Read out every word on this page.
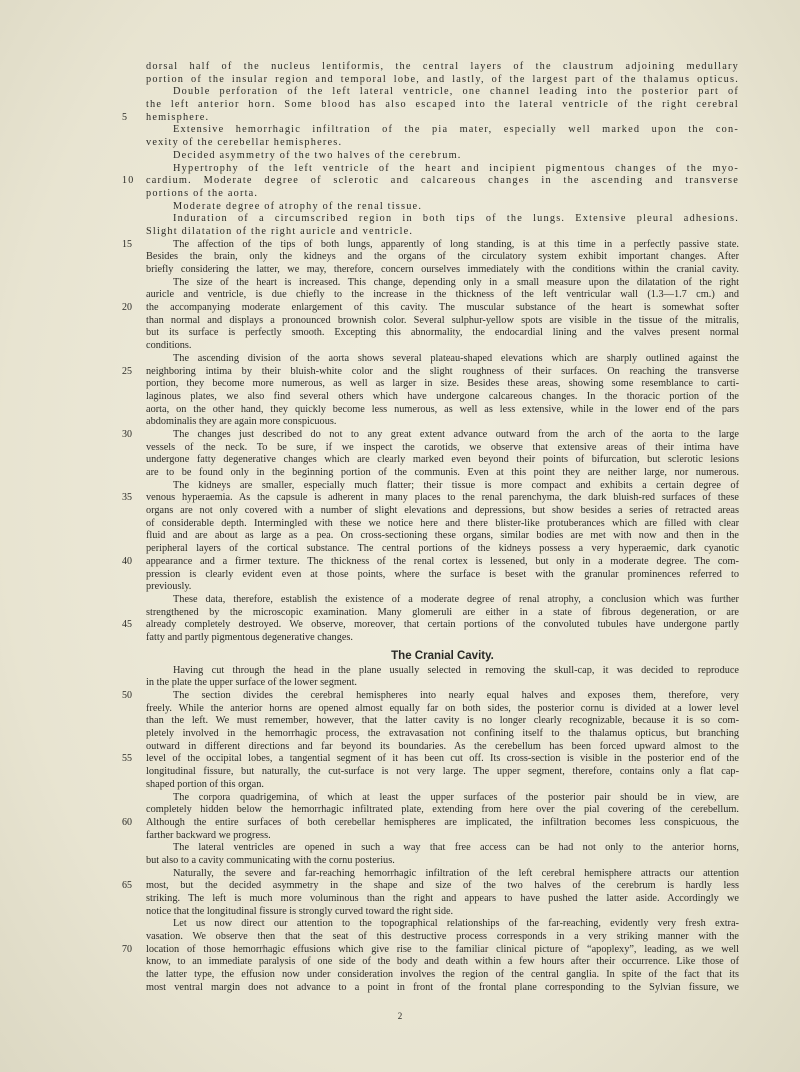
dorsal half of the nucleus lentiformis, the central layers of the claustrum adjoining medullary
portion of the insular region and temporal lobe, and lastly, of the largest part of the thalamus opticus.
Double perforation of the left lateral ventricle, one channel leading into the posterior part of
the left anterior horn. Some blood has also escaped into the lateral ventricle of the right cerebral
5	hemisphere.
Extensive hemorrhagic infiltration of the pia mater, especially well marked upon the con-
vexity of the cerebellar hemispheres.
Decided asymmetry of the two halves of the cerebrum.
Hypertrophy of the left ventricle of the heart and incipient pigmentous changes of the myo-
10	cardium. Moderate degree of sclerotic and calcareous changes in the ascending and transverse
portions of the aorta.
Moderate degree of atrophy of the renal tissue.
Induration of a circumscribed region in both tips of the lungs. Extensive pleural adhesions.
Slight dilatation of the right auricle and ventricle.
15	The affection of the tips of both lungs, apparently of long standing, is at this time in a perfectly passive state.
Besides the brain, only the kidneys and the organs of the circulatory system exhibit important changes. After
briefly considering the latter, we may, therefore, concern ourselves immediately with the conditions within the cranial cavity.
The size of the heart is increased. This change, depending only in a small measure upon the dilatation of the right
auricle and ventricle, is due chiefly to the increase in the thickness of the left ventricular wall (1.3—1.7 cm.) and
20	the accompanying moderate enlargement of this cavity. The muscular substance of the heart is somewhat softer
than normal and displays a pronounced brownish color. Several sulphur-yellow spots are visible in the tissue of the mitralis,
but its surface is perfectly smooth. Excepting this abnormality, the endocardial lining and the valves present normal
conditions.
The ascending division of the aorta shows several plateau-shaped elevations which are sharply outlined against the
25	neighboring intima by their bluish-white color and the slight roughness of their surfaces. On reaching the transverse
portion, they become more numerous, as well as larger in size. Besides these areas, showing some resemblance to carti-
laginous plates, we also find several others which have undergone calcareous changes. In the thoracic portion of the
aorta, on the other hand, they quickly become less numerous, as well as less extensive, while in the lower end of the pars
abdominalis they are again more conspicuous.
30	The changes just described do not to any great extent advance outward from the arch of the aorta to the large
vessels of the neck. To be sure, if we inspect the carotids, we observe that extensive areas of their intima have
undergone fatty degenerative changes which are clearly marked even beyond their points of bifurcation, but sclerotic lesions
are to be found only in the beginning portion of the communis. Even at this point they are neither large, nor numerous.
The kidneys are smaller, especially much flatter; their tissue is more compact and exhibits a certain degree of
35	venous hyperaemia. As the capsule is adherent in many places to the renal parenchyma, the dark bluish-red surfaces of these
organs are not only covered with a number of slight elevations and depressions, but show besides a series of retracted areas
of considerable depth. Intermingled with these we notice here and there blister-like protuberances which are filled with clear
fluid and are about as large as a pea. On cross-sectioning these organs, similar bodies are met with now and then in the
peripheral layers of the cortical substance. The central portions of the kidneys possess a very hyperaemic, dark cyanotic
40	appearance and a firmer texture. The thickness of the renal cortex is lessened, but only in a moderate degree. The com-
pression is clearly evident even at those points, where the surface is beset with the granular prominences referred to
previously.
These data, therefore, establish the existence of a moderate degree of renal atrophy, a conclusion which was further
strengthened by the microscopic examination. Many glomeruli are either in a state of fibrous degeneration, or are
45	already completely destroyed. We observe, moreover, that certain portions of the convoluted tubules have undergone partly
fatty and partly pigmentous degenerative changes.
The Cranial Cavity.
Having cut through the head in the plane usually selected in removing the skull-cap, it was decided to reproduce
in the plate the upper surface of the lower segment.
50	The section divides the cerebral hemispheres into nearly equal halves and exposes them, therefore, very
freely. While the anterior horns are opened almost equally far on both sides, the posterior cornu is divided at a lower level
than the left. We must remember, however, that the latter cavity is no longer clearly recognizable, because it is so com-
pletely involved in the hemorrhagic process, the extravasation not confining itself to the thalamus opticus, but branching
outward in different directions and far beyond its boundaries. As the cerebellum has been forced upward almost to the
55	level of the occipital lobes, a tangential segment of it has been cut off. Its cross-section is visible in the posterior end of the
longitudinal fissure, but naturally, the cut-surface is not very large. The upper segment, therefore, contains only a flat cap-
shaped portion of this organ.
The corpora quadrigemina, of which at least the upper surfaces of the posterior pair should be in view, are
completely hidden below the hemorrhagic infiltrated plate, extending from here over the pial covering of the cerebellum.
60	Although the entire surfaces of both cerebellar hemispheres are implicated, the infiltration becomes less conspicuous, the
farther backward we progress.
The lateral ventricles are opened in such a way that free access can be had not only to the anterior horns,
but also to a cavity communicating with the cornu posterius.
Naturally, the severe and far-reaching hemorrhagic infiltration of the left cerebral hemisphere attracts our attention
65	most, but the decided asymmetry in the shape and size of the two halves of the cerebrum is hardly less
striking. The left is much more voluminous than the right and appears to have pushed the latter aside. Accordingly we
notice that the longitudinal fissure is strongly curved toward the right side.
Let us now direct our attention to the topographical relationships of the far-reaching, evidently very fresh extra-
vasation. We observe then that the seat of this destructive process corresponds in a very striking manner with the
70	location of those hemorrhagic effusions which give rise to the familiar clinical picture of “apoplexy”, leading, as we well
know, to an immediate paralysis of one side of the body and death within a few hours after their occurrence. Like those of
the latter type, the effusion now under consideration involves the region of the central ganglia. In spite of the fact that its
most ventral margin does not advance to a point in front of the frontal plane corresponding to the Sylvian fissure, we
2
